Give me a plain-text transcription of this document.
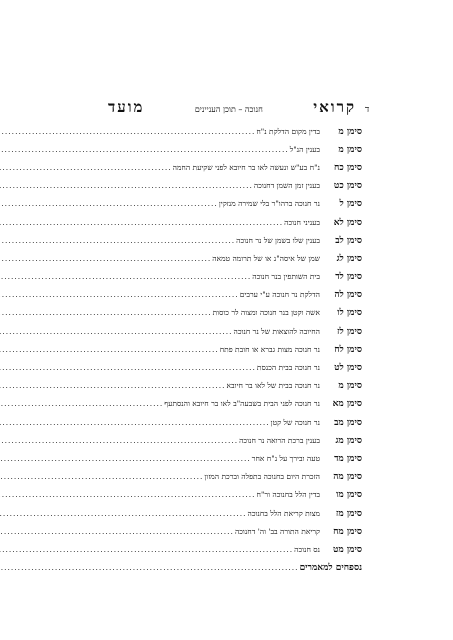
ד
קרואי
חנוכה – תוכן העניינים
מועד
סימן מ
בדין מקום הדלקת נ"ח
.....
סימן מ
בענין הנ"ל
.....
סימן כח
נ"ח בע"ש ונעשה לאו בר חיובא לפני שקיעת החמה
.....
סימן כט
בענין זמן השמן דחנוכה
.....
סימן ל
נר חנוכה ברהו"ר בלי שמירה מנזקין
.....
סימן לא
בעניני חנוכה
.....
סימן לב
בענין שלו בשמן של נר חנוכה
.....
סימן לג
שמן של איסה"נ או של תרומה טמאה
.....
סימן לד
בית השותפין בנר חנוכה
.....
סימן לה
הדלקת נר חנוכה ע"י ערבים
.....
סימן לו
אשה וקטן בנר חנוכה ומצוה לר כוסות
.....
סימן לז
החיובה להוצאות של נר חנוכה
.....
סימן לח
נר חנוכה מצות גברא או חובת פתח
.....
סימן לט
נר חנוכה בבית הכנסת
.....
סימן מ
נר חנוכה בבית של לאו בר חיובא
.....
סימן מא
נר חנוכה לפני הבית בשבעה"ב לאו בר חיובא והנסתעף
.....
סימן מב
נר חנוכה של קטן
.....
סימן מג
בענין ברכת הרואה נר חנוכה
.....
סימן מד
טעה ובירך על נ"ח אחר
.....
סימן מה
הזכרת היום בחנוכה בתפלה וברכת המזון
.....
סימן מו
בדין הלל בחנוכה ור"ח
.....
סימן מז
מצות קריאת הלל בחנוכה
.....
סימן מח
קריאת התורה בב' וה' דחנוכה
.....
סימן מט
נס חנוכה
.....
נספחים למאמרים
.....
